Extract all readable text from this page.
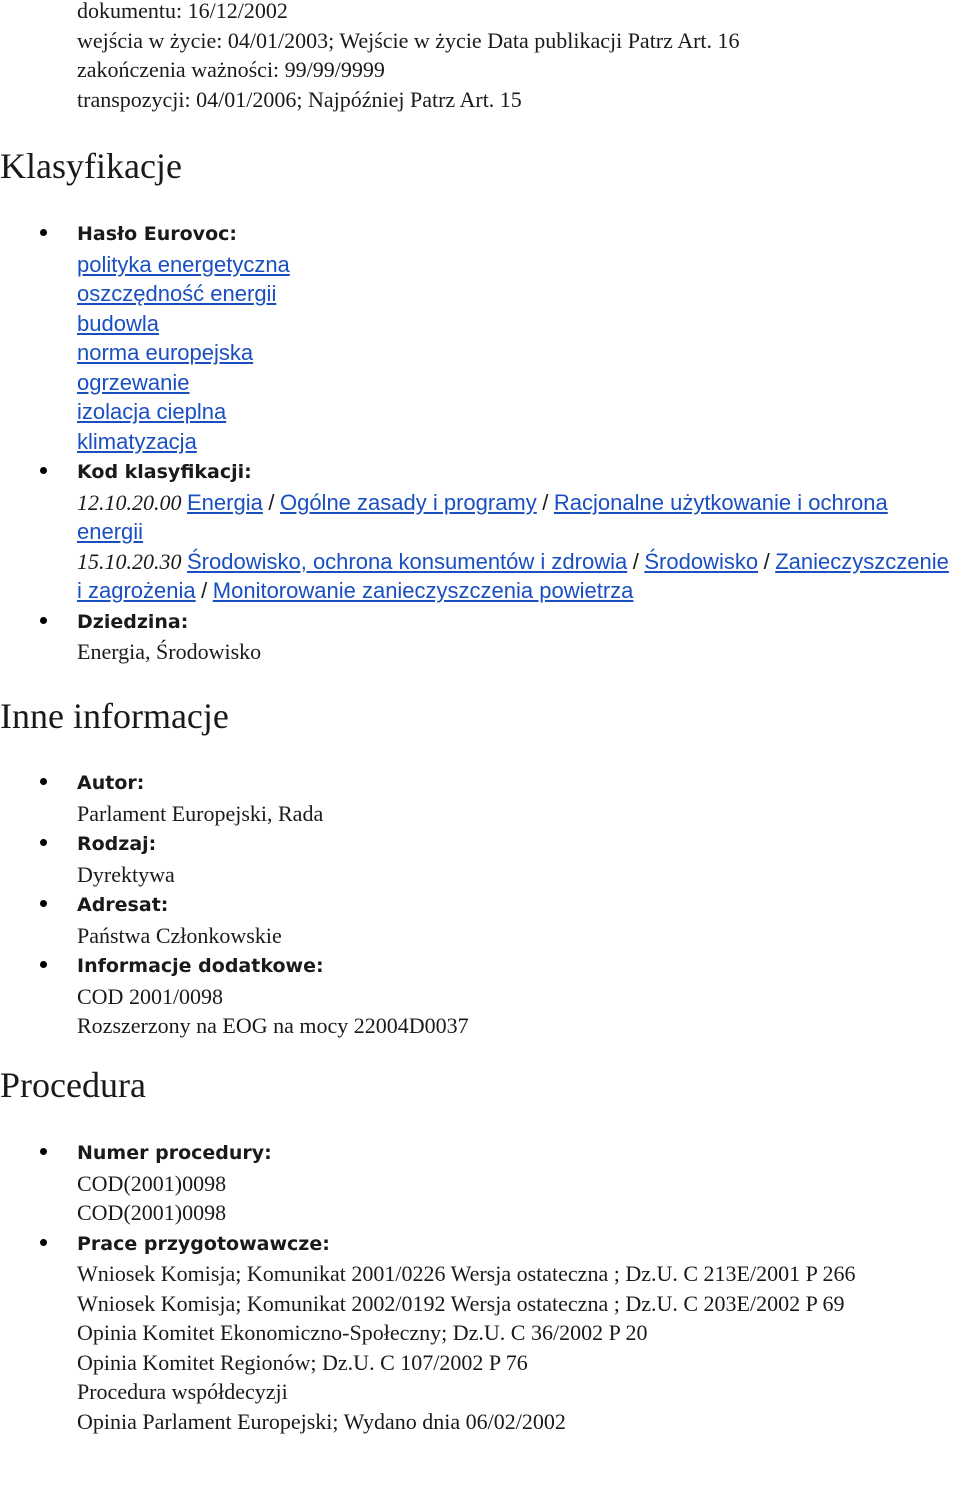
dokumentu: 16/12/2002
wejścia w życie: 04/01/2003; Wejście w życie Data publikacji Patrz Art. 16
zakończenia ważności: 99/99/9999
transpozycji: 04/01/2006; Najpóźniej Patrz Art. 15
Klasyfikacje
Hasło Eurovoc:
polityka energetyczna
oszczędność energii
budowla
norma europejska
ogrzewanie
izolacja cieplna
klimatyzacja
Kod klasyfikacji:
12.10.20.00 Energia / Ogólne zasady i programy / Racjonalne użytkowanie i ochrona energii
15.10.20.30 Środowisko, ochrona konsumentów i zdrowia / Środowisko / Zanieczyszczenie i zagrożenia / Monitorowanie zanieczyszczenia powietrza
Dziedzina:
Energia, Środowisko
Inne informacje
Autor:
Parlament Europejski, Rada
Rodzaj:
Dyrektywa
Adresat:
Państwa Członkowskie
Informacje dodatkowe:
COD 2001/0098
Rozszerzony na EOG na mocy 22004D0037
Procedura
Numer procedury:
COD(2001)0098
COD(2001)0098
Prace przygotowawcze:
Wniosek Komisja; Komunikat 2001/0226 Wersja ostateczna ; Dz.U. C 213E/2001 P 266
Wniosek Komisja; Komunikat 2002/0192 Wersja ostateczna ; Dz.U. C 203E/2002 P 69
Opinia Komitet Ekonomiczno-Społeczny; Dz.U. C 36/2002 P 20
Opinia Komitet Regionów; Dz.U. C 107/2002 P 76
Procedura współdecyzji
Opinia Parlament Europejski; Wydano dnia 06/02/2002
